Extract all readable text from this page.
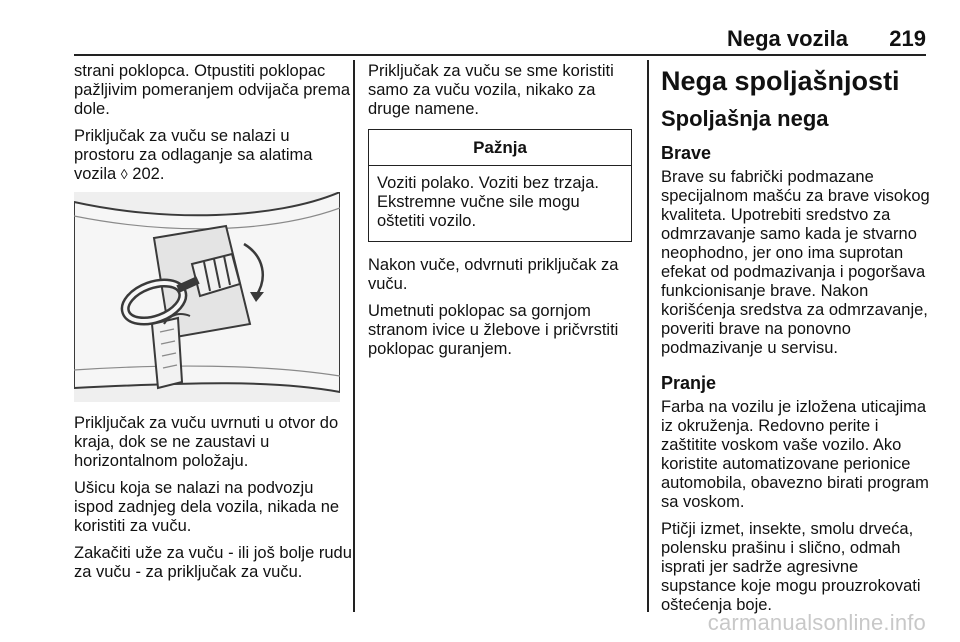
Nega vozila 219

strani poklopca. Otpustiti poklopac pažljivim pomeranjem odvijača prema dole.

Priključak za vuču se nalazi u prostoru za odlaganje sa alatima vozila ◊ 202.

Priključak za vuču uvrnuti u otvor do kraja, dok se ne zaustavi u horizontalnom položaju.

Ušicu koja se nalazi na podvozju ispod zadnjeg dela vozila, nikada ne koristiti za vuču.

Zakačiti uže za vuču - ili još bolje rudu za vuču - za priključak za vuču.

Priključak za vuču se sme koristiti samo za vuču vozila, nikako za druge namene.

Pažnja
Voziti polako. Voziti bez trzaja. Ekstremne vučne sile mogu oštetiti vozilo.

Nakon vuče, odvrnuti priključak za vuču.

Umetnuti poklopac sa gornjom stranom ivice u žlebove i pričvrstiti poklopac guranjem.

Nega spoljašnjosti
Spoljašnja nega
Brave

Brave su fabrički podmazane specijalnom mašću za brave visokog kvaliteta. Upotrebiti sredstvo za odmrzavanje samo kada je stvarno neophodno, jer ono ima suprotan efekat od podmazivanja i pogoršava funkcionisanje brave. Nakon korišćenja sredstva za odmrzavanje, poveriti brave na ponovno podmazivanje u servisu.

Pranje

Farba na vozilu je izložena uticajima iz okruženja. Redovno perite i zaštitite voskom vaše vozilo. Ako koristite automatizovane perionice automobila, obavezno birati program sa voskom.

Ptičji izmet, insekte, smolu drveća, polensku prašinu i slično, odmah isprati jer sadrže agresivne supstance koje mogu prouzrokovati oštećenja boje.

carmanualsonline.info
